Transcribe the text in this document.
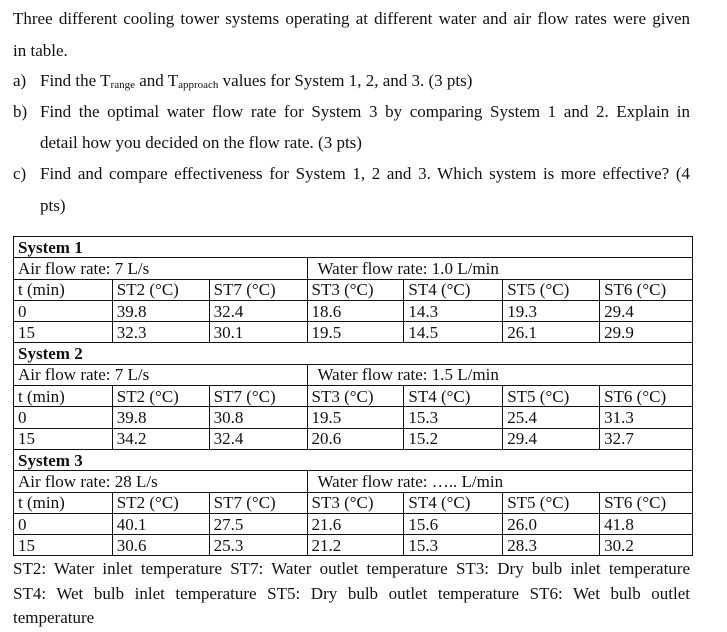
Three different cooling tower systems operating at different water and air flow rates were given
in table.
a) Find the $T_{range}$ and $T_{approach}$ values for System 1, 2, and 3. (3 pts)
b) Find the optimal water flow rate for System 3 by comparing System 1 and 2. Explain in
detail how you decided on the flow rate. (3 pts)
c) Find and compare effectiveness for System 1, 2 and 3. Which system is more effective? (4
pts)
System 1						
Air flow rate: 7 L/s			Water flow rate: 1.0 L/min			
t (min)	ST2 (°C)	ST7 (°C)	ST3 (°C)	ST4 (°C)	ST5 (°C)	ST6 (°C)
0	39.8	32.4	18.6	14.3	19.3	29.4
15	32.3	30.1	19.5	14.5	26.1	29.9
System 2						
Air flow rate: 7 L/s			Water flow rate: 1.5 L/min			
t (min)	ST2 (°C)	ST7 (°C)	ST3 (°C)	ST4 (°C)	ST5 (°C)	ST6 (°C)
0	39.8	30.8	19.5	15.3	25.4	31.3
15	34.2	32.4	20.6	15.2	29.4	32.7
System 3						
Air flow rate: 28 L/s			Water flow rate: ….. L/min			
t (min)	ST2 (°C)	ST7 (°C)	ST3 (°C)	ST4 (°C)	ST5 (°C)	ST6 (°C)
0	40.1	27.5	21.6	15.6	26.0	41.8
15	30.6	25.3	21.2	15.3	28.3	30.2
ST2: Water inlet temperature ST7: Water outlet temperature ST3: Dry bulb inlet temperature
ST4: Wet bulb inlet temperature ST5: Dry bulb outlet temperature ST6: Wet bulb outlet
temperature
